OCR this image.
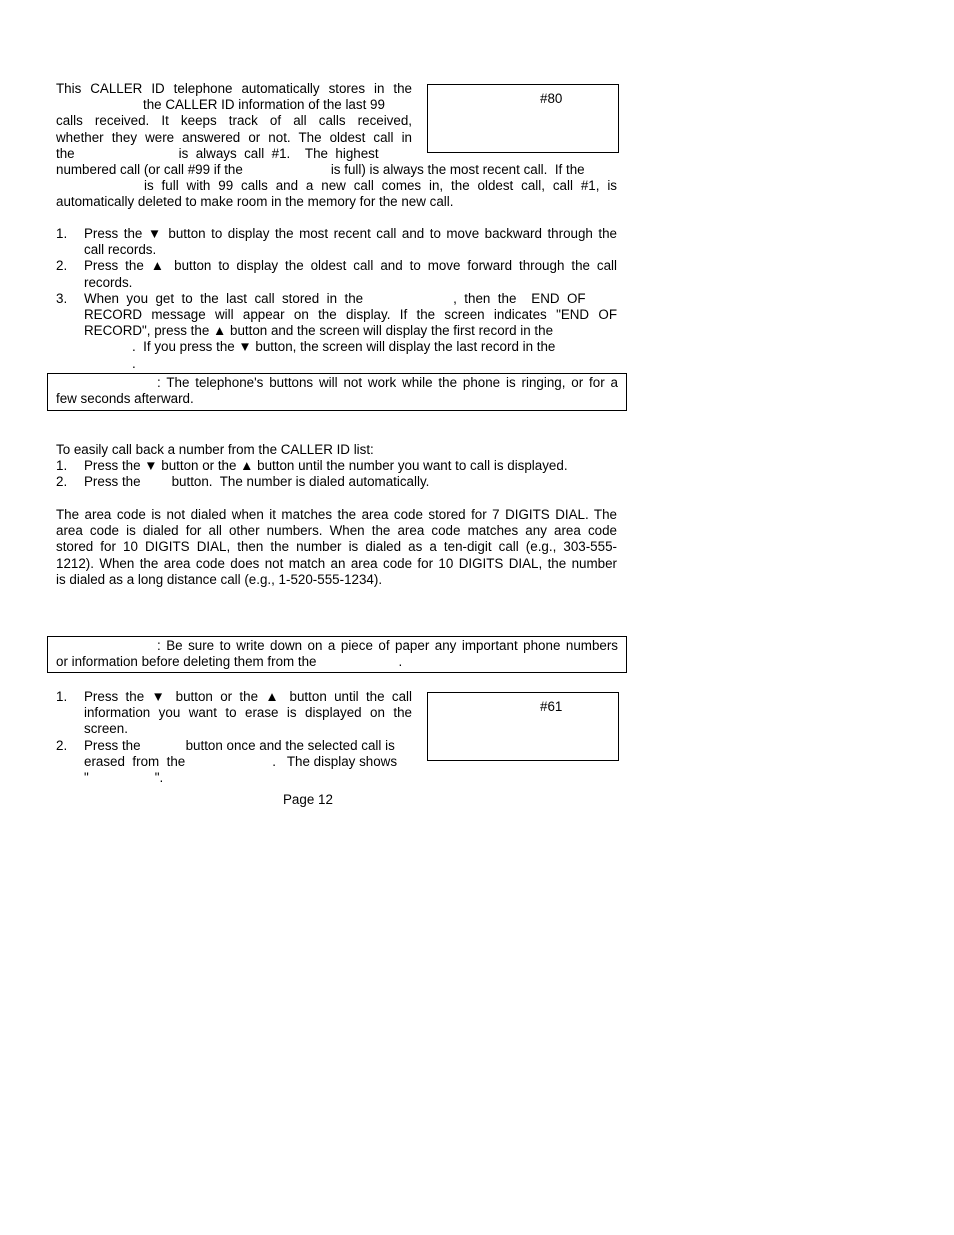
This CALLER ID telephone automatically stores in the
the CALLER ID information of the last 99
calls received. It keeps track of all calls received,
whether they were answered or not. The oldest call in
the	is  always  call  #1.    The  highest
numbered call (or call #99 if the	is full) is always the most recent call.  If the
is  full  with  99  calls  and  a  new  call  comes  in,  the  oldest  call,  call  #1,  is
automatically deleted to make room in the memory for the new call.
#80
1. Press the ▼ button to display the most recent call and to move backward through the
call records.
2. Press the ▲ button to display the oldest call and to move forward through the call
records.
3. When  you  get  to  the  last  call  stored  in  the	,  then  the    END  OF
RECORD message will appear on the display. If the screen indicates "END OF
RECORD", press the ▲ button and the screen will display the first record in the
.  If you press the ▼ button, the screen will display the last record in the
.
: The telephone's buttons will not work while the phone is ringing, or for a
few seconds afterward.
To easily call back a number from the CALLER ID list:
1. Press the ▼ button or the ▲ button until the number you want to call is displayed.
2. Press the button.  The number is dialed automatically.
The area code is not dialed when it matches the area code stored for 7 DIGITS DIAL. The
area code is dialed for all other numbers. When the area code matches any area code
stored for 10 DIGITS DIAL, then the number is dialed as a ten-digit call (e.g., 303-555-
1212). When the area code does not match an area code for 10 DIGITS DIAL, the number
is dialed as a long distance call (e.g., 1-520-555-1234).
: Be sure to write down on a piece of paper any important phone numbers
or information before deleting them from the	.
1. Press the ▼ button or the ▲ button until the call
information you want to erase is displayed on the
screen.
2. Press the	button once and the selected call is
erased  from  the	.   The display shows
"	".
#61
Page 12
